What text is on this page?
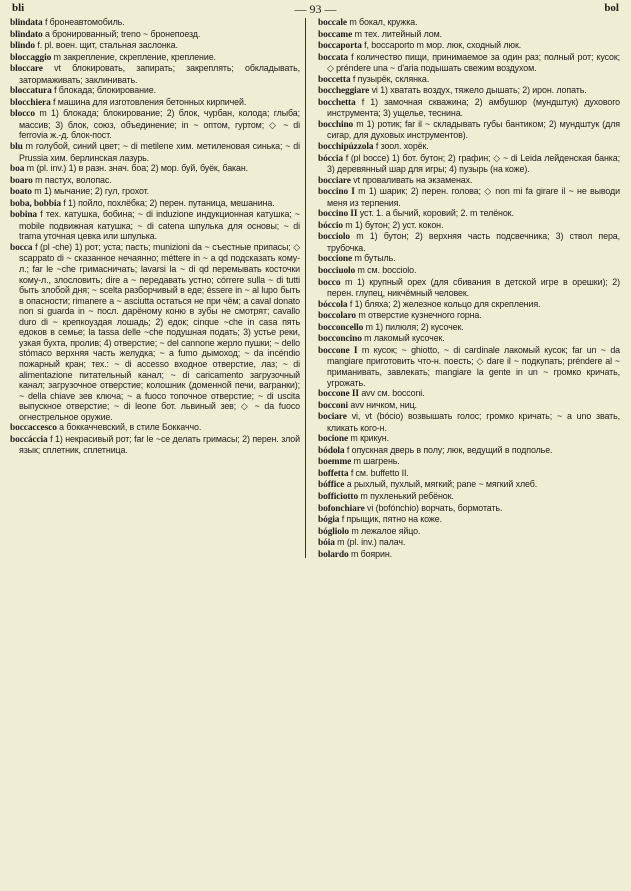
bli	— 93 —	bol
blindata f бронеавтомобиль.
blindato a бронированный; treno ~ бронепоезд.
blindo f. pl. воен. щит, стальная заслонка.
bloccaggio m закрепление, скрепление, крепление.
bloccare vt блокировать, запирать; закреплять; обкладывать, затормаживать; заклинивать.
bloccatura f блокада; блокирование.
blocchiera f машина для изготовления бетонных кирпичей.
blocco m 1) блокада; блокирование; 2) блок, чурбан, колода; глыба; массив; 3) блок, союз, объединение; in ~ оптом, гуртом; ◇ ~ di ferrovia ж.-д. блок-пост.
blu m голубой, синий цвет; ~ di metilene хим. метиленовая синька; ~ di Prussia хим. берлинская лазурь.
boa m (pl. inv.) 1) в разн. знач. боа; 2) мор. буй, буёк, бакан.
boaro m пастух, волопас.
boato m 1) мычание; 2) гул, грохот.
boba, bobbia f 1) пойло, похлёбка; 2) перен. путаница, мешанина.
bobina f тех. катушка, бобина; ~ di induzione индукционная катушка; ~ mobile подвижная катушка; ~ di catena шпулька для основы; ~ di trama уточная цевка или шпулька.
bocca f (pl -che) 1) рот; уста; пасть; munizioni da ~ съестные припасы; ◇ scappato di ~ сказанное нечаянно; méttere in ~ a qd подсказать кому-л.; far le ~che гримасничать; lavarsi la ~ di qd перемывать косточки кому-л., злословить; dire a ~ передавать устно; córrere sulla ~ di tutti быть злобой дня; ~ scelta разборчивый в еде; éssere in ~ al lupo быть в опасности; rimanere a ~ asciutta остаться не при чём; a caval donato non si guarda in ~ посл. дарёному коню в зубы не смотрят; cavallo duro di ~ крепкоуздая лошадь; 2) едок; cinque ~che in casa пять едоков в семье; la tassa delle ~che подушная подать; 3) устье реки, узкая бухта, пролив; 4) отверстие; ~ del cannone жерло пушки; ~ dello stómaco верхняя часть желудка; ~ a fumo дымоход; ~ da incéndio пожарный кран; тех.: ~ di accesso входное отверстие, лаз; ~ di alimentazione питательный канал; ~ di caricamento загрузочный канал; загрузочное отверстие; колошник (доменной печи, вагранки); ~ della chiave зев ключа; ~ a fuoco топочное отверстие; ~ di uscita выпускное отверстие; ~ di leone бот. львиный зев; ◇ ~ da fuoco огнестрельное оружие.
boccaccesco a боккаччевский, в стиле Боккаччо.
boccáccia f 1) некрасивый рот; far le ~ce делать гримасы; 2) перен. злой язык; сплетник, сплетница.
boccale m бокал, кружка.
boccame m тех. литейный лом.
boccaporta f, boccaporto m мор. люк, сходный люк.
boccata f количество пищи, принимаемое за один раз; полный рот; кусок; ◇ préndere una ~ d'aria подышать свежим воздухом.
boccetta f пузырёк, склянка.
boccheggiare vi 1) хватать воздух, тяжело дышать; 2) ирон. лопать.
bocchetta f 1) замочная скважина; 2) амбушюр (мундштук) духового инструмента; 3) ущелье, теснина.
bocchino m 1) ротик; far il ~ складывать губы бантиком; 2) мундштук (для сигар, для духовых инструментов).
bocchipúzzola f зоол. хорёк.
bóccia f (pl bocce) 1) бот. бутон; 2) графин; ◇ ~ di Leida лейденская банка; 3) деревянный шар для игры; 4) пузырь (на коже).
bocciare vt проваливать на экзаменах.
boccino I m 1) шарик; 2) перен. голова; ◇ non mi fa girare il ~ не выводи меня из терпения.
boccino II уст. 1. a бычий, коровий; 2. m телёнок.
bóccio m 1) бутон; 2) уст. кокон.
bocciolo m 1) бутон; 2) верхняя часть подсвечника; 3) ствол пера, трубочка.
boccione m бутыль.
bocciuolo m см. bocciolo.
bocco m 1) крупный орех (для сбивания в детской игре в орешки); 2) перен. глупец, никчёмный человек.
bóccola f 1) бляха; 2) железное кольцо для скрепления.
boccolaro m отверстие кузнечного горна.
bocconcello m 1) пилюля; 2) кусочек.
bocconcino m лакомый кусочек.
boccone I m кусок; ~ ghiotto, ~ di cardinale лакомый кусок; far un ~ da mangiare приготовить что-н. поесть; ◇ dare il ~ подкупать; préndere al ~ приманивать, завлекать; mangiare la gente in un ~ громко кричать, угрожать.
boccone II avv см. bocconi.
bocconi avv ничком, ниц.
bociare vi, vt (bócio) возвышать голос; громко кричать; ~ a uno звать, кликать кого-н.
bocione m крикун.
bódola f опускная дверь в полу; люк, ведущий в подполье.
boemme m шагрень.
boffetta f см. buffetto II.
bóffice a рыхлый, пухлый, мягкий; pane ~ мягкий хлеб.
bofficiotto m пухленький ребёнок.
bofonchiare vi (bofónchio) ворчать, бормотать.
bógia f прыщик, пятно на коже.
bógliolo m лежалое яйцо.
bóia m (pl. inv.) палач.
bolardo m боярин.
